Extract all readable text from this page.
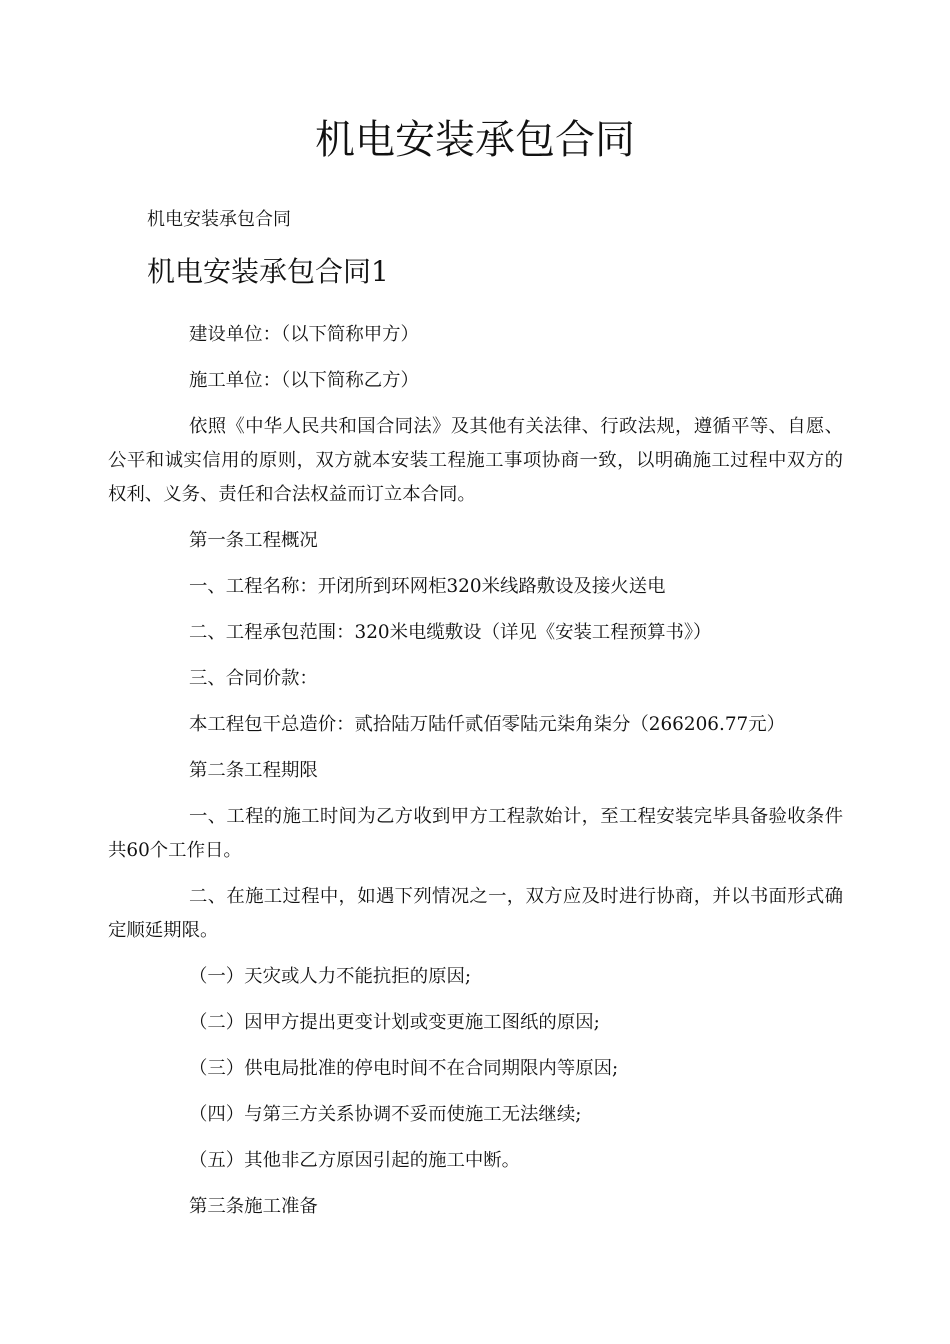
机电安装承包合同

机电安装承包合同

机电安装承包合同1

建设单位：（以下简称甲方）

施工单位：（以下简称乙方）

依照《中华人民共和国合同法》及其他有关法律、行政法规，遵循平等、自愿、公平和诚实信用的原则，双方就本安装工程施工事项协商一致，以明确施工过程中双方的权利、义务、责任和合法权益而订立本合同。

第一条工程概况

一、工程名称：开闭所到环网柜320米线路敷设及接火送电

二、工程承包范围：320米电缆敷设（详见《安装工程预算书》）

三、合同价款：

本工程包干总造价：贰拾陆万陆仟贰佰零陆元柒角柒分（266206.77元）

第二条工程期限

一、工程的施工时间为乙方收到甲方工程款始计，至工程安装完毕具备验收条件共60个工作日。

二、在施工过程中，如遇下列情况之一，双方应及时进行协商，并以书面形式确定顺延期限。

（一）天灾或人力不能抗拒的原因;

（二）因甲方提出更变计划或变更施工图纸的原因;

（三）供电局批准的停电时间不在合同期限内等原因;

（四）与第三方关系协调不妥而使施工无法继续;

（五）其他非乙方原因引起的施工中断。

第三条施工准备
